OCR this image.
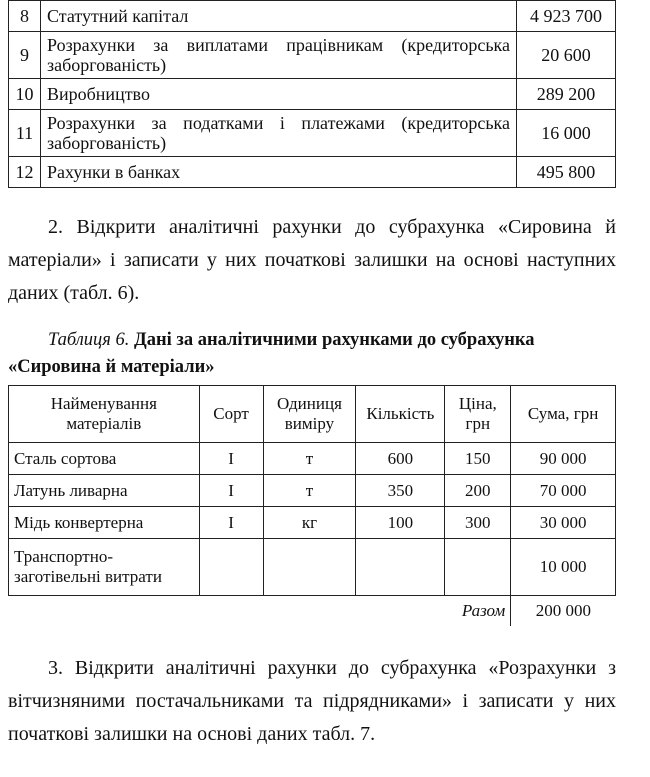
8	Статутний капітал	4 923 700
9	Розрахунки за виплатами працівникам (кредиторська заборгованість)	20 600
10	Виробництво	289 200
11	Розрахунки за податками і платежами (кредиторська заборгованість)	16 000
12	Рахунки в банках	495 800

2. Відкрити аналітичні рахунки до субрахунка «Сировина й матеріали» і записати у них початкові залишки на основі наступних даних (табл. 6).

Таблиця 6. Дані за аналітичними рахунками до субрахунка «Сировина й матеріали»

Найменування матеріалів	Сорт	Одиниця виміру	Кількість	Ціна, грн	Сума, грн
Сталь сортова	I	т	600	150	90 000
Латунь ливарна	I	т	350	200	70 000
Мідь конвертерна	I	кг	100	300	30 000
Транспортно-заготівельні витрати					10 000
Разом					200 000

3. Відкрити аналітичні рахунки до субрахунка «Розрахунки з вітчизняними постачальниками та підрядниками» і записати у них початкові залишки на основі даних табл. 7.
